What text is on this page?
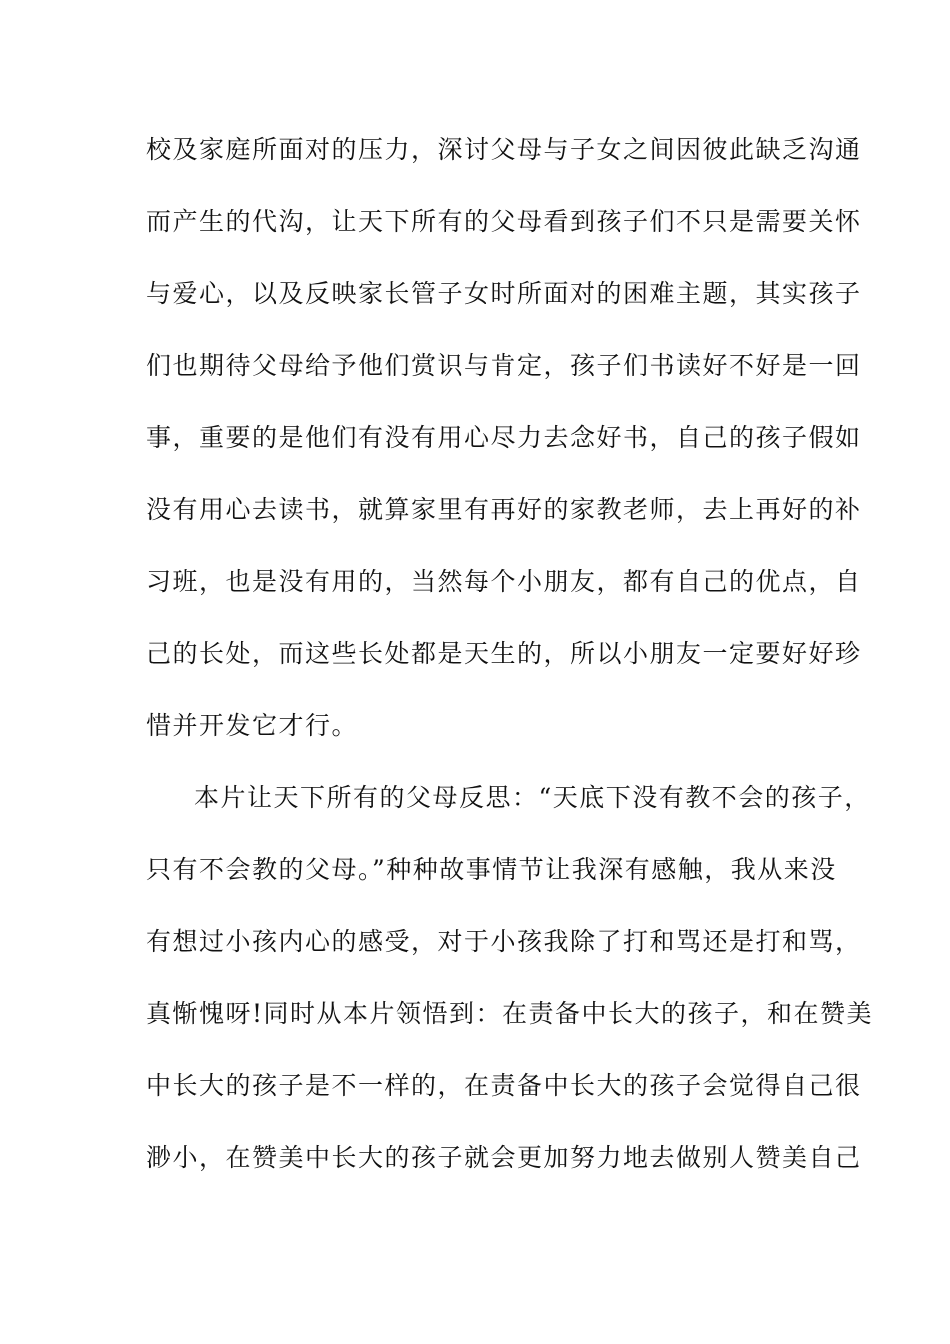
校及家庭所面对的压力，深讨父母与子女之间因彼此缺乏沟通
而产生的代沟，让天下所有的父母看到孩子们不只是需要关怀
与爱心，以及反映家长管子女时所面对的困难主题，其实孩子
们也期待父母给予他们赏识与肯定，孩子们书读好不好是一回
事，重要的是他们有没有用心尽力去念好书，自己的孩子假如
没有用心去读书，就算家里有再好的家教老师，去上再好的补
习班，也是没有用的，当然每个小朋友，都有自己的优点，自
己的长处，而这些长处都是天生的，所以小朋友一定要好好珍
惜并开发它才行。
本片让天下所有的父母反思：“天底下没有教不会的孩子，
只有不会教的父母。”种种故事情节让我深有感触，我从来没
有想过小孩内心的感受，对于小孩我除了打和骂还是打和骂，
真惭愧呀!同时从本片领悟到：在责备中长大的孩子，和在赞美
中长大的孩子是不一样的，在责备中长大的孩子会觉得自己很
渺小，在赞美中长大的孩子就会更加努力地去做别人赞美自己
